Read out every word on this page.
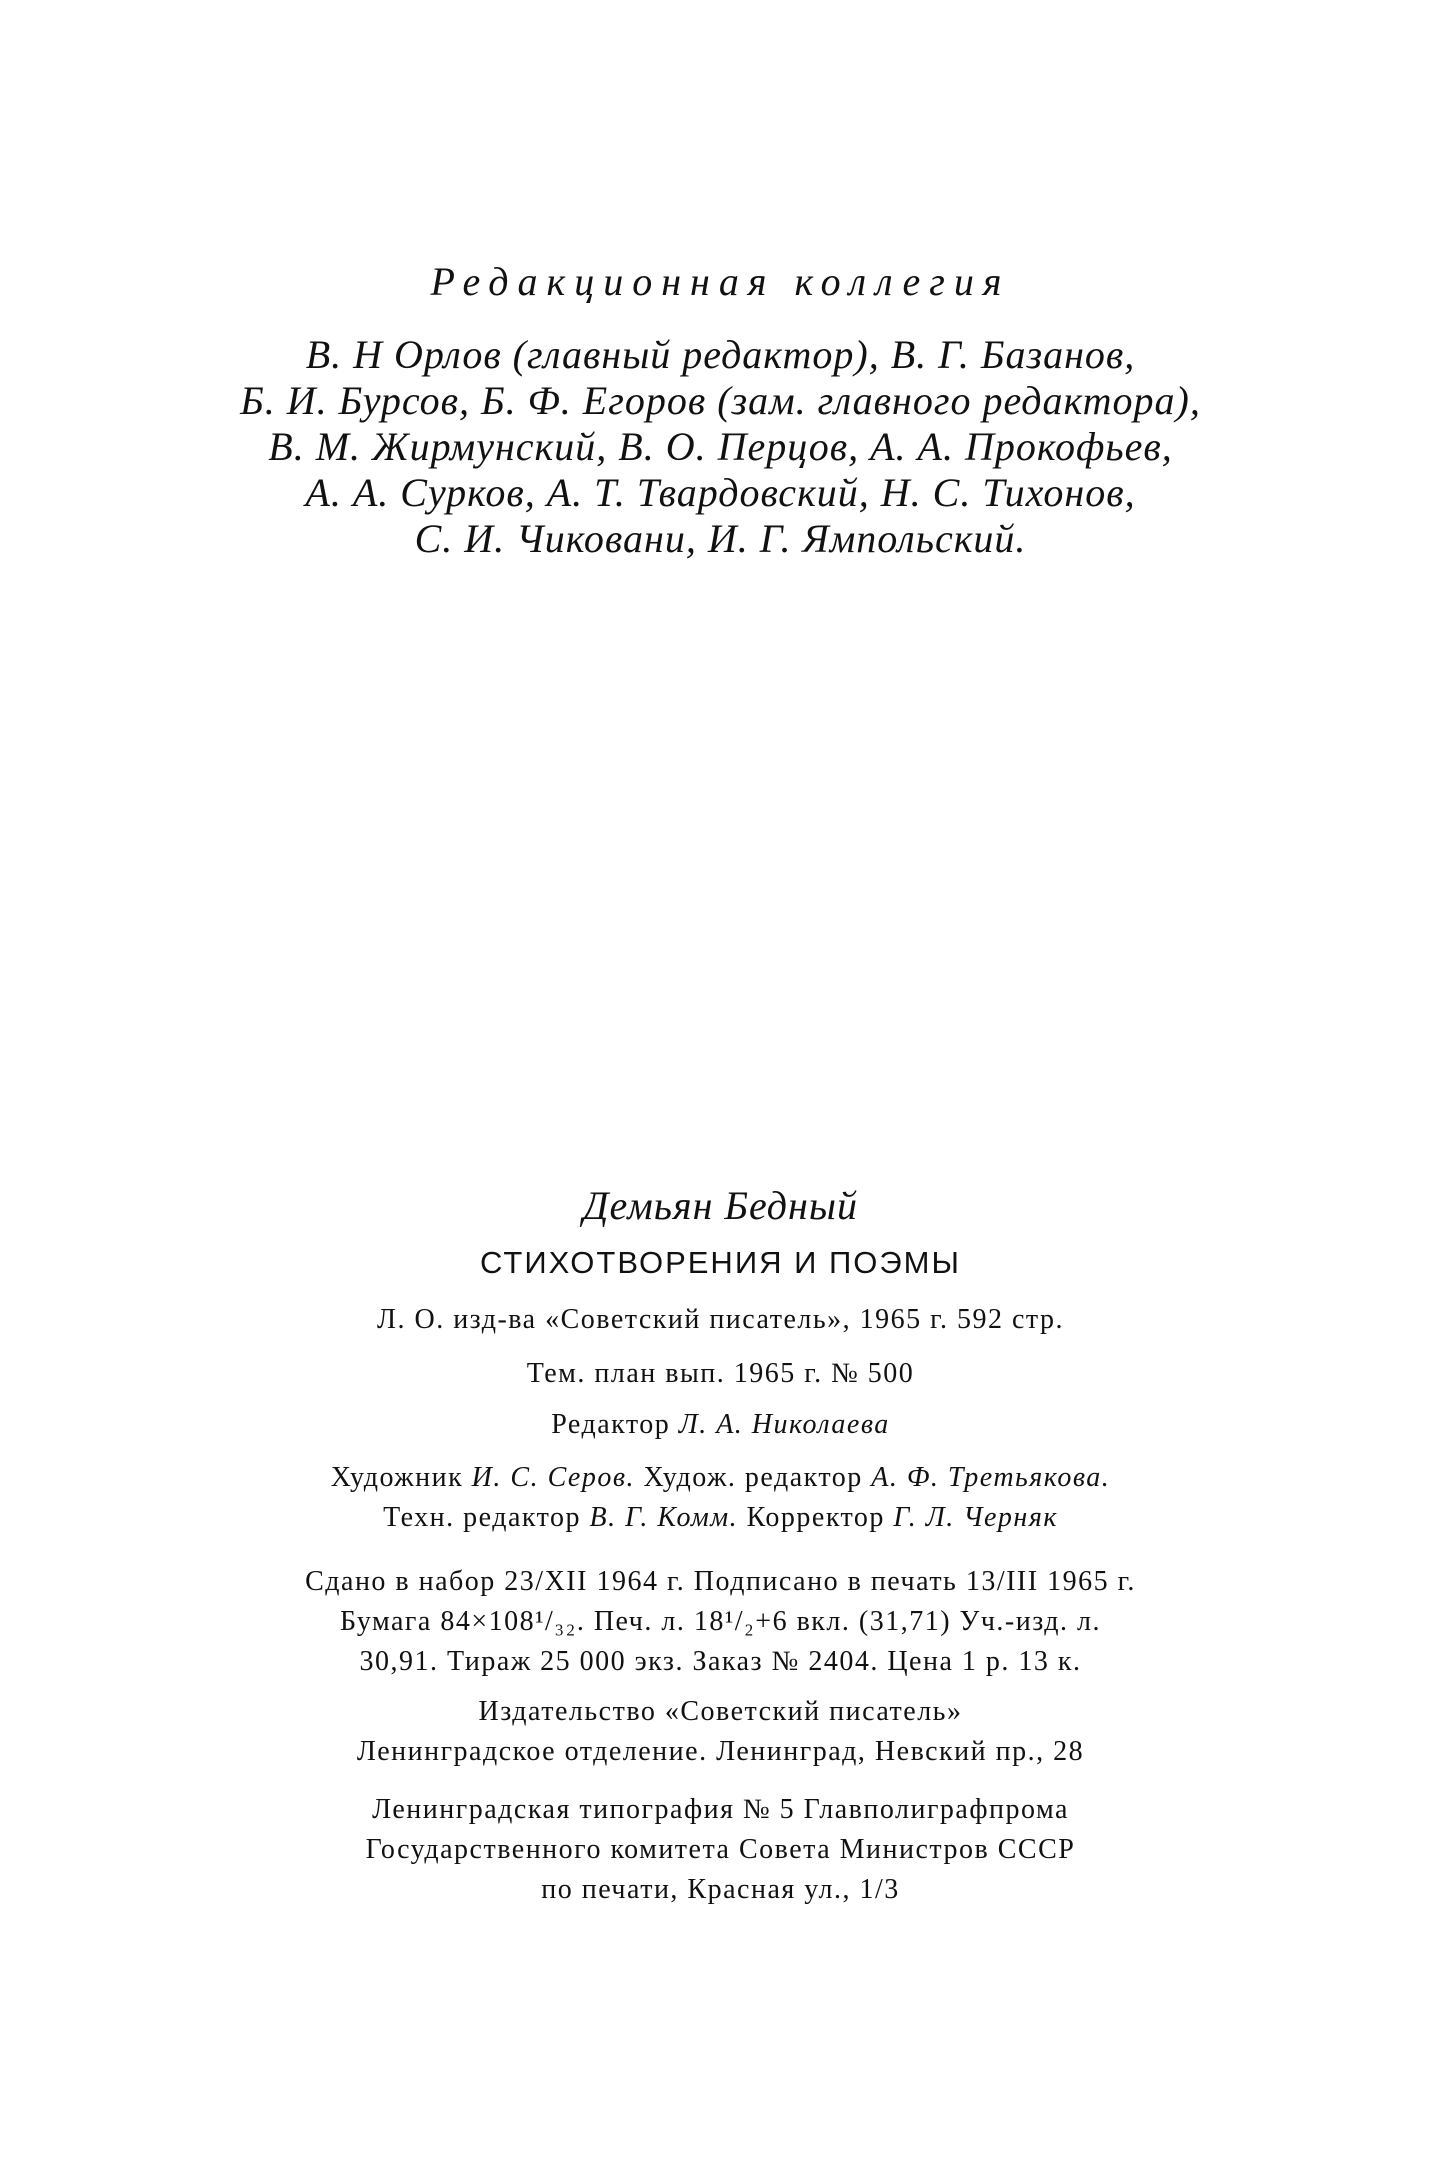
Редакционная коллегия
В. Н Орлов (главный редактор), В. Г. Базанов,
Б. И. Бурсов, Б. Ф. Егоров (зам. главного редактора),
В. М. Жирмунский, В. О. Перцов, А. А. Прокофьев,
А. А. Сурков, А. Т. Твардовский, Н. С. Тихонов,
С. И. Чиковани, И. Г. Ямпольский.
Демьян Бедный
СТИХОТВОРЕНИЯ И ПОЭМЫ
Л. О. изд-ва «Советский писатель», 1965 г. 592 стр.
Тем. план вып. 1965 г. № 500
Редактор Л. А. Николаева
Художник И. С. Серов. Худож. редактор А. Ф. Третьякова.
Техн. редактор В. Г. Комм. Корректор Г. Л. Черняк
Сдано в набор 23/XII 1964 г. Подписано в печать 13/III 1965 г.
Бумага 84×108¹/₃₂. Печ. л. 18¹/₂+6 вкл. (31,71) Уч.-изд. л.
30,91. Тираж 25 000 экз. Заказ № 2404. Цена 1 р. 13 к.
Издательство «Советский писатель»
Ленинградское отделение. Ленинград, Невский пр., 28
Ленинградская типография № 5 Главполиграфпрома
Государственного комитета Совета Министров СССР
по печати, Красная ул., 1/3
